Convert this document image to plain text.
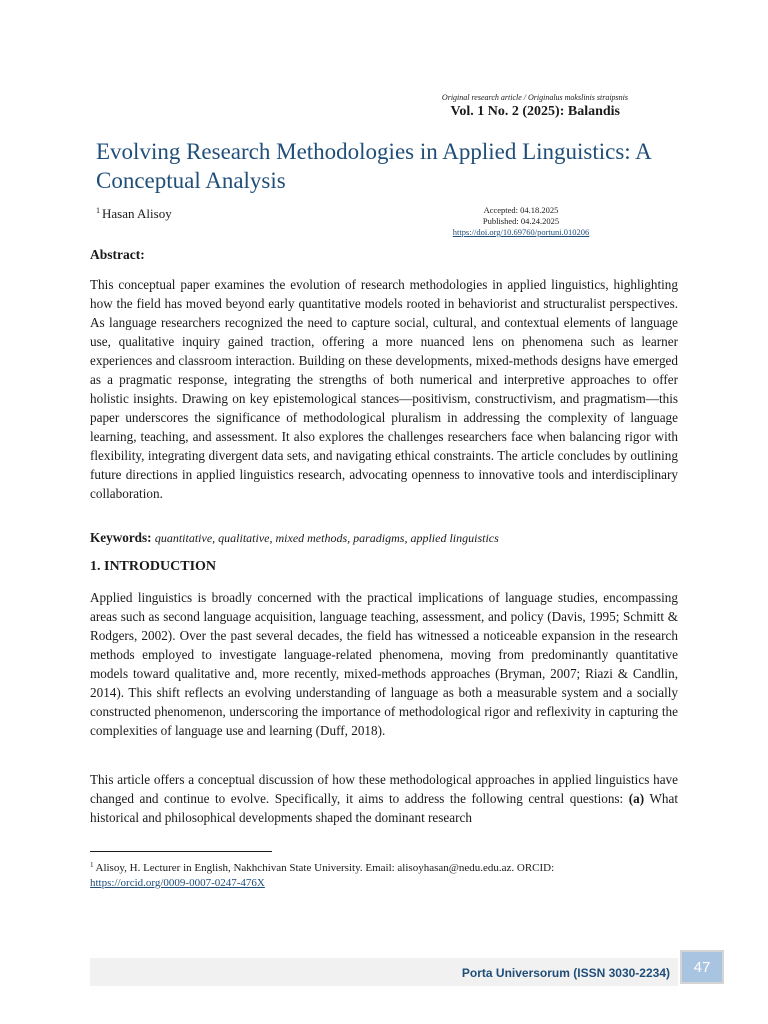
Original research article / Originalus mokslinis straipsnis
Vol. 1 No. 2 (2025): Balandis
Evolving Research Methodologies in Applied Linguistics: A Conceptual Analysis
$^1$ Hasan Alisoy	Accepted: 04.18.2025
Published: 04.24.2025
https://doi.org/10.69760/portuni.010206
Abstract:

This conceptual paper examines the evolution of research methodologies in applied linguistics, highlighting how the field has moved beyond early quantitative models rooted in behaviorist and structuralist perspectives. As language researchers recognized the need to capture social, cultural, and contextual elements of language use, qualitative inquiry gained traction, offering a more nuanced lens on phenomena such as learner experiences and classroom interaction. Building on these developments, mixed-methods designs have emerged as a pragmatic response, integrating the strengths of both numerical and interpretive approaches to offer holistic insights. Drawing on key epistemological stances—positivism, constructivism, and pragmatism—this paper underscores the significance of methodological pluralism in addressing the complexity of language learning, teaching, and assessment. It also explores the challenges researchers face when balancing rigor with flexibility, integrating divergent data sets, and navigating ethical constraints. The article concludes by outlining future directions in applied linguistics research, advocating openness to innovative tools and interdisciplinary collaboration.

Keywords: quantitative, qualitative, mixed methods, paradigms, applied linguistics
1. INTRODUCTION

Applied linguistics is broadly concerned with the practical implications of language studies, encompassing areas such as second language acquisition, language teaching, assessment, and policy (Davis, 1995; Schmitt & Rodgers, 2002). Over the past several decades, the field has witnessed a noticeable expansion in the research methods employed to investigate language-related phenomena, moving from predominantly quantitative models toward qualitative and, more recently, mixed-methods approaches (Bryman, 2007; Riazi & Candlin, 2014). This shift reflects an evolving understanding of language as both a measurable system and a socially constructed phenomenon, underscoring the importance of methodological rigor and reflexivity in capturing the complexities of language use and learning (Duff, 2018).

This article offers a conceptual discussion of how these methodological approaches in applied linguistics have changed and continue to evolve. Specifically, it aims to address the following central questions: (a) What historical and philosophical developments shaped the dominant research

$^1$ Alisoy, H. Lecturer in English, Nakhchivan State University. Email: alisoyhasan@nedu.edu.az. ORCID:
https://orcid.org/0009-0007-0247-476X
Porta Universorum (ISSN 3030-2234) 47
